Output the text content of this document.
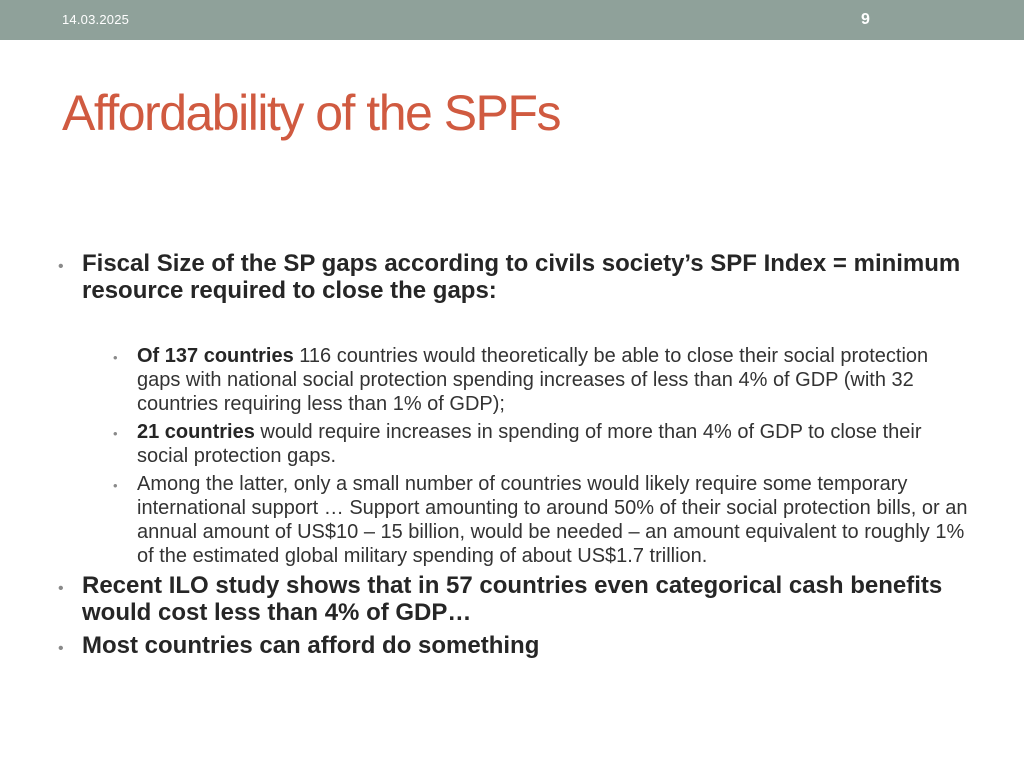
14.03.2025	9
Affordability of the SPFs
• Fiscal Size of the SP gaps according to civils society’s SPF Index = minimum resource required to close the gaps:
• Of 137 countries 116 countries would theoretically be able to close their social protection gaps with national social protection spending increases of less than 4% of GDP (with 32 countries requiring less than 1% of GDP);
• 21 countries would require increases in spending of more than 4% of GDP to close their social protection gaps.
• Among the latter, only a small number of countries would likely require some temporary international support … Support amounting to around 50% of their social protection bills, or an annual amount of US$10 – 15 billion, would be needed – an amount equivalent to roughly 1% of the estimated global military spending of about US$1.7 trillion.
• Recent ILO study shows that in 57 countries even categorical cash benefits would cost less than 4% of GDP…
• Most countries can afford do something
